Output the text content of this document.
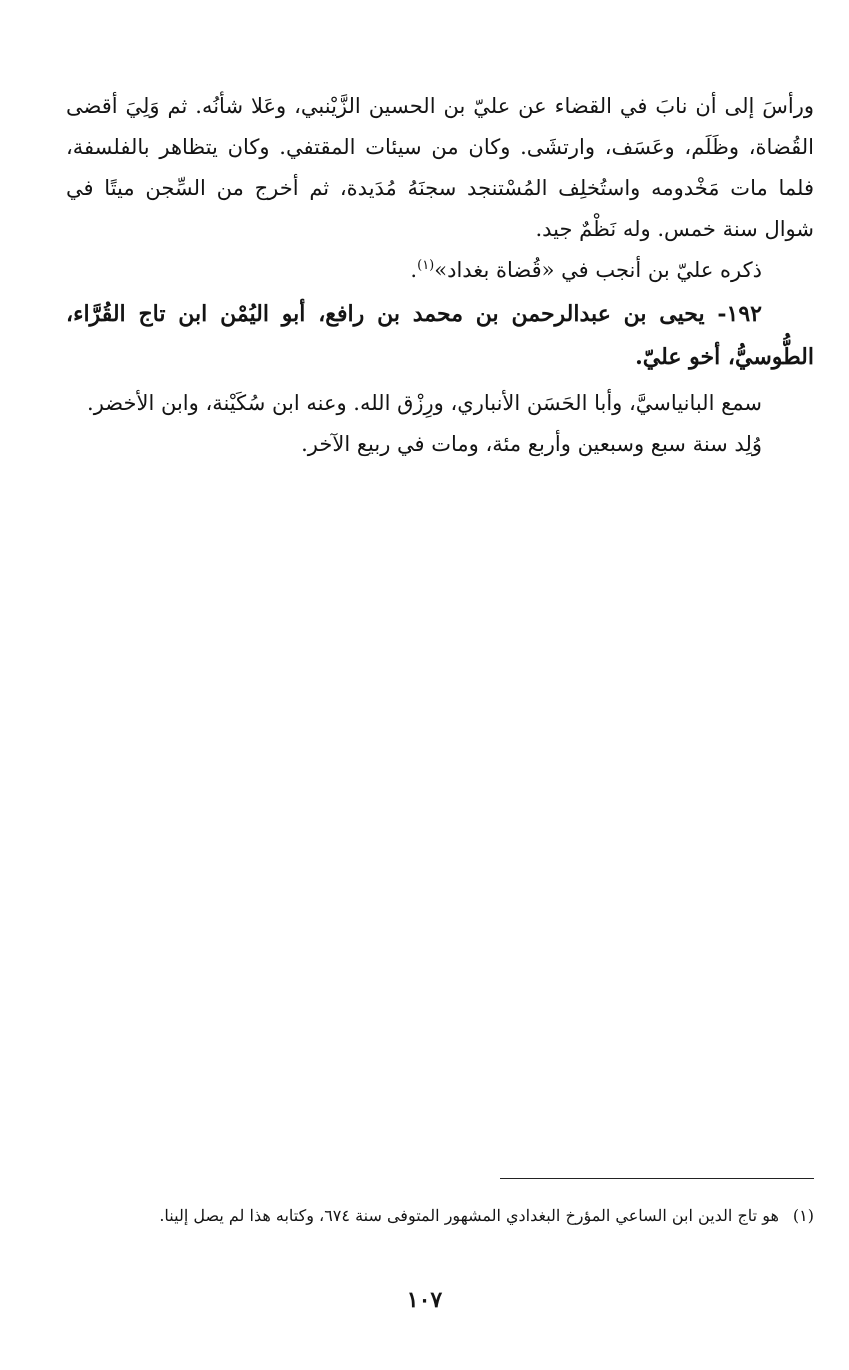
ورأسَ إلى أن نابَ في القضاء عن عليّ بن الحسين الزَّيْنبي، وعَلا شأنُه. ثم وَلِيَ أقضى القُضاة، وظَلَم، وعَسَف، وارتشَى. وكان من سيئات المقتفي. وكان يتظاهر بالفلسفة، فلما مات مَخْدومه واستُخلِف المُسْتنجد سجنَهُ مُدَيدة، ثم أخرج من السِّجن ميتًا في شوال سنة خمس. وله نَظْمٌ جيد.

ذكره عليّ بن أنجب في «قُضاة بغداد»$^{(١)}$.

١٩٢- يحيى بن عبدالرحمن بن محمد بن رافع، أبو اليُمْن ابن تاج القُرَّاء، الطُّوسيُّ، أخو عليّ.

سمع البانياسيَّ، وأبا الحَسَن الأنباري، ورِزْق الله. وعنه ابن سُكَيْنة، وابن الأخضر.

وُلِد سنة سبع وسبعين وأربع مئة، ومات في ربيع الآخر.

(١)هو تاج الدين ابن الساعي المؤرخ البغدادي المشهور المتوفى سنة ٦٧٤، وكتابه هذا لم يصل إلينا.
١٠٧
